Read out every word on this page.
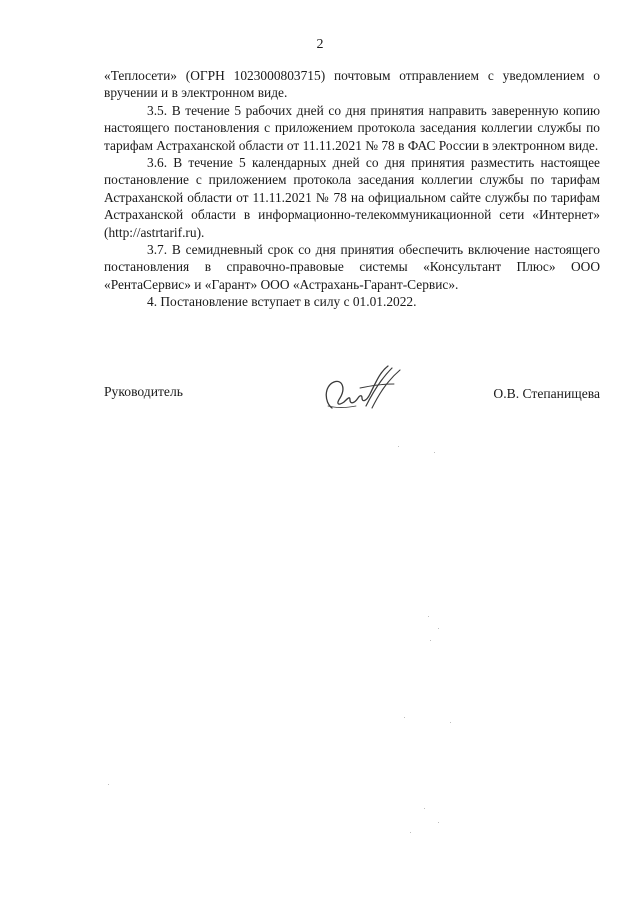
2

«Теплосети» (ОГРН 1023000803715) почтовым отправлением с уведомлением о вручении и в электронном виде.

3.5. В течение 5 рабочих дней со дня принятия направить заверенную копию настоящего постановления с приложением протокола заседания коллегии службы по тарифам Астраханской области от 11.11.2021 № 78 в ФАС России в электронном виде.

3.6. В течение 5 календарных дней со дня принятия разместить настоящее постановление с приложением протокола заседания коллегии службы по тарифам Астраханской области от 11.11.2021 № 78 на официальном сайте службы по тарифам Астраханской области в информационно-телекоммуникационной сети «Интернет» (http://astrtarif.ru).

3.7. В семидневный срок со дня принятия обеспечить включение настоящего постановления в справочно-правовые системы «Консультант Плюс» ООО «РентаСервис» и «Гарант» ООО «Астрахань-Гарант-Сервис».

4. Постановление вступает в силу с 01.01.2022.

Руководитель	О.В. Степанищева
